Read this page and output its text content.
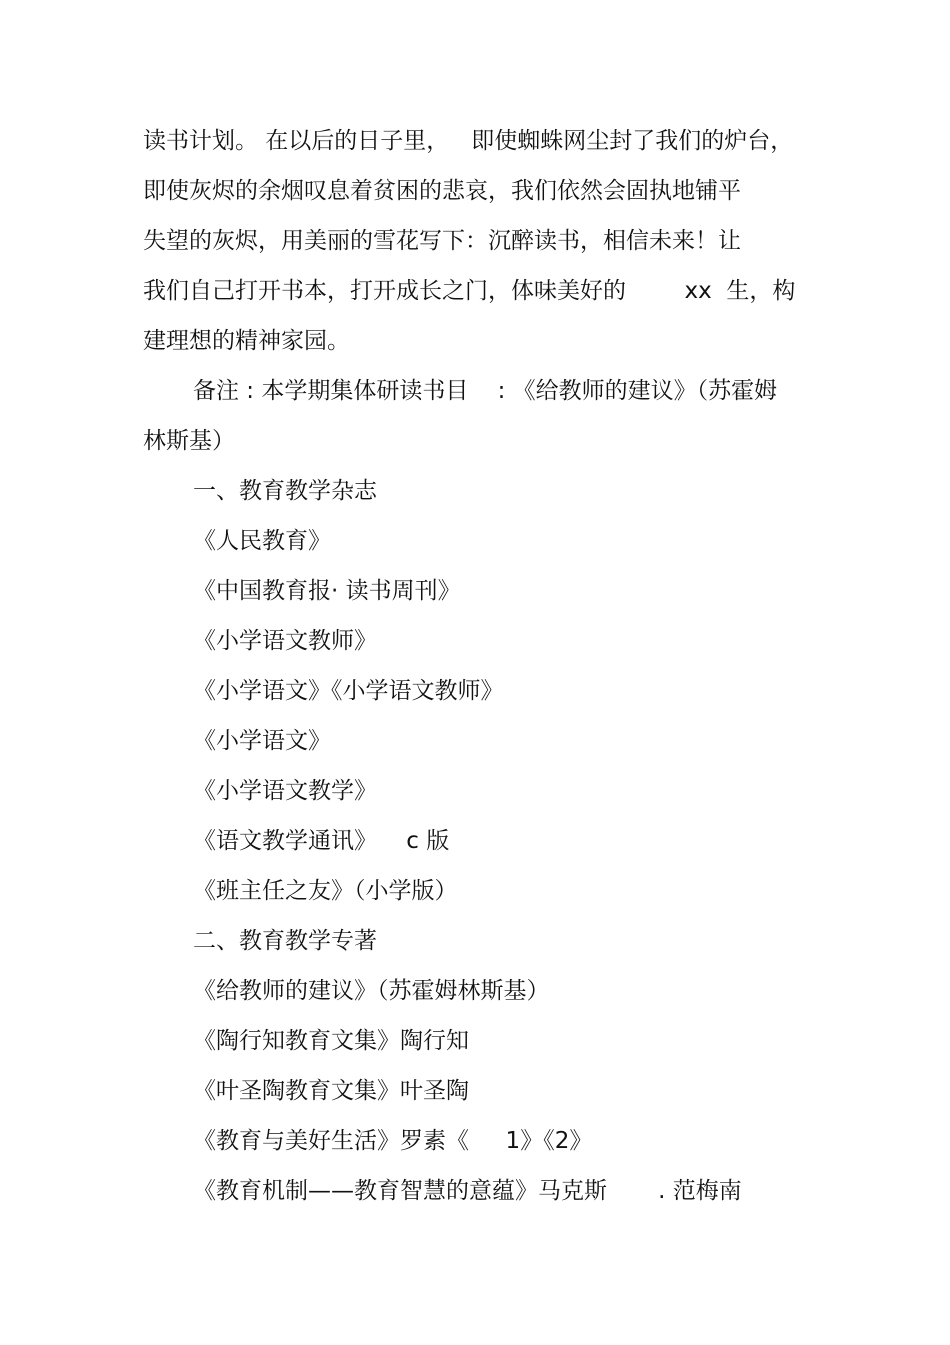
读书计划。 在以后的日子里，   即使蜘蛛网尘封了我们的炉台，
即使灰烬的余烟叹息着贫困的悲哀，我们依然会固执地铺平
失望的灰烬，用美丽的雪花写下：沉醉读书，相信未来！让
我们自己打开书本，打开成长之门，体味美好的        xx  生，构
建理想的精神家园。
备注 : 本学期集体研读书目    : 《给教师的建议》（苏霍姆
林斯基）
一、教育教学杂志
《人民教育》
《中国教育报· 读书周刊》
《小学语文教师》
《小学语文》《小学语文教师》
《小学语文》
《小学语文教学》
《语文教学通讯》    c 版
《班主任之友》（小学版）
二、教育教学专著
《给教师的建议》（苏霍姆林斯基）
《陶行知教育文集》陶行知
《叶圣陶教育文集》叶圣陶
《教育与美好生活》罗素《     1》《2》
《教育机制——教育智慧的意蕴》马克斯       . 范梅南
